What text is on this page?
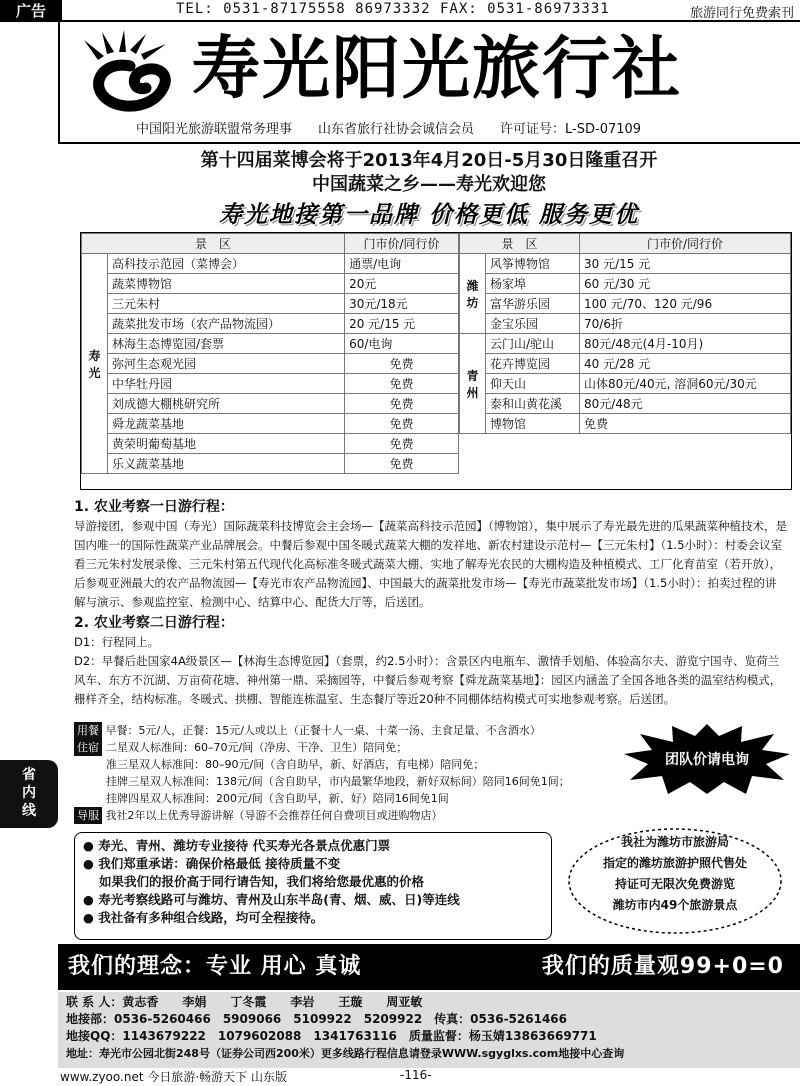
广告	TEL: 0531-87175558 86973332 FAX: 0531-86973331	旅游同行免费索刊
寿光阳光旅行社
中国阳光旅游联盟常务理事 山东省旅行社协会诚信会员 许可证号：L-SD-07109
第十四届菜博会将于2013年4月20日-5月30日隆重召开
中国蔬菜之乡——寿光欢迎您
寿光地接第一品牌 价格更低 服务更优
景　区		门市价/同行价
寿光	高科技示范园（菜博会）	通票/电询
	蔬菜博物馆	20元
	三元朱村	30元/18元
	蔬菜批发市场（农产品物流园）	20 元/15 元
	林海生态博览园/套票	60/电询
	弥河生态观光园	免费
	中华牡丹园	免费
	刘成德大棚桃研究所	免费
	舜龙蔬菜基地	免费
	黄荣明葡萄基地	免费
	乐义蔬菜基地	免费
景　区		门市价/同行价
潍坊	风筝博物馆	30 元/15 元
	杨家埠	60 元/30 元
	富华游乐园	100 元/70、120 元/96
	金宝乐园	70/6折
青州	云门山/驼山	80元/48元(4月-10月)
	花卉博览园	40 元/28 元
	仰天山	山体80元/40元, 溶洞60元/30元
	泰和山黄花溪	80元/48元
	博物馆	免费
1. 农业考察一日游行程：

导游接团，参观中国（寿光）国际蔬菜科技博览会主会场—【蔬菜高科技示范园】（博物馆），集中展示了寿光最先进的瓜果蔬菜种植技术，是国内唯一的国际性蔬菜产业品牌展会。中餐后参观中国冬暖式蔬菜大棚的发祥地、新农村建设示范村—【三元朱村】（1.5小时）：村委会议室看三元朱村发展录像、三元朱村第五代现代化高标准冬暖式蔬菜大棚、实地了解寿光农民的大棚构造及种植模式、工厂化育苗室（若开放），后参观亚洲最大的农产品物流园—【寿光市农产品物流园】、中国最大的蔬菜批发市场—【寿光市蔬菜批发市场】（1.5小时）：拍卖过程的讲解与演示、参观监控室、检测中心、结算中心、配货大厅等，后送团。

2. 农业考察二日游行程：

D1：行程同上。

D2：早餐后赴国家4A级景区—【林海生态博览园】（套票，约2.5小时）：含景区内电瓶车、激情手划船、体验高尔夫、游览宁国寺、览荷兰风车、东方不沉湖、万亩荷花塘、神州第一鼎、采摘园等，中餐后参观考察【舜龙蔬菜基地】：园区内涵盖了全国各地各类的温室结构模式，栅样齐全，结构标准。冬暖式、拱棚、智能连栋温室、生态餐厅等近20种不同棚体结构模式可实地参观考察。后送团。

省内线
用餐 早餐：5元/人，正餐：15元/人或以上（正餐十人一桌、十菜一汤、主食足量、不含酒水）
住宿 二星双人标准间：60–70元/间（净房、干净、卫生）陪同免；
准三星双人标准间：80–90元/间（含自助早，新、好酒店，有电梯）陪同免；
挂牌三星双人标准间：138元/间（含自助早，市内最繁华地段，新好双标间）陪同16间免1间；
挂牌四星双人标准间：200元/间（含自助早，新、好）陪同16间免1间
导服 我社2年以上优秀导游讲解（导游不会推荐任何自费项目或进购物店）
团队价请电询
● 寿光、青州、潍坊专业接待 代买寿光各景点优惠门票
● 我们郑重承诺：确保价格最低 接待质量不变
如果我们的报价高于同行请告知，我们将给您最优惠的价格
● 寿光考察线路可与潍坊、青州及山东半岛(青、烟、威、日)等连线
● 我社备有多种组合线路，均可全程接待。
我社为潍坊市旅游局
指定的潍坊旅游护照代售处
持证可无限次免费游览
潍坊市内49个旅游景点
我们的理念：专业 用心 真诚	我们的质量观99+0=0
联 系 人：黄志香　　李娟　　丁冬霞　　李岩　　王璇　　周亚敏
地接部：0536-5260466　5909066　5109922　5209922　传真：0536-5261466
地接QQ：1143679222　1079602088　1341763116　质量监督：杨玉婧13863669771
地址：寿光市公园北街248号（证券公司西200米）更多线路行程信息请登录WWW.sgyglxs.com地接中心查询
www.zyoo.net 今日旅游·畅游天下 山东版	-116-
